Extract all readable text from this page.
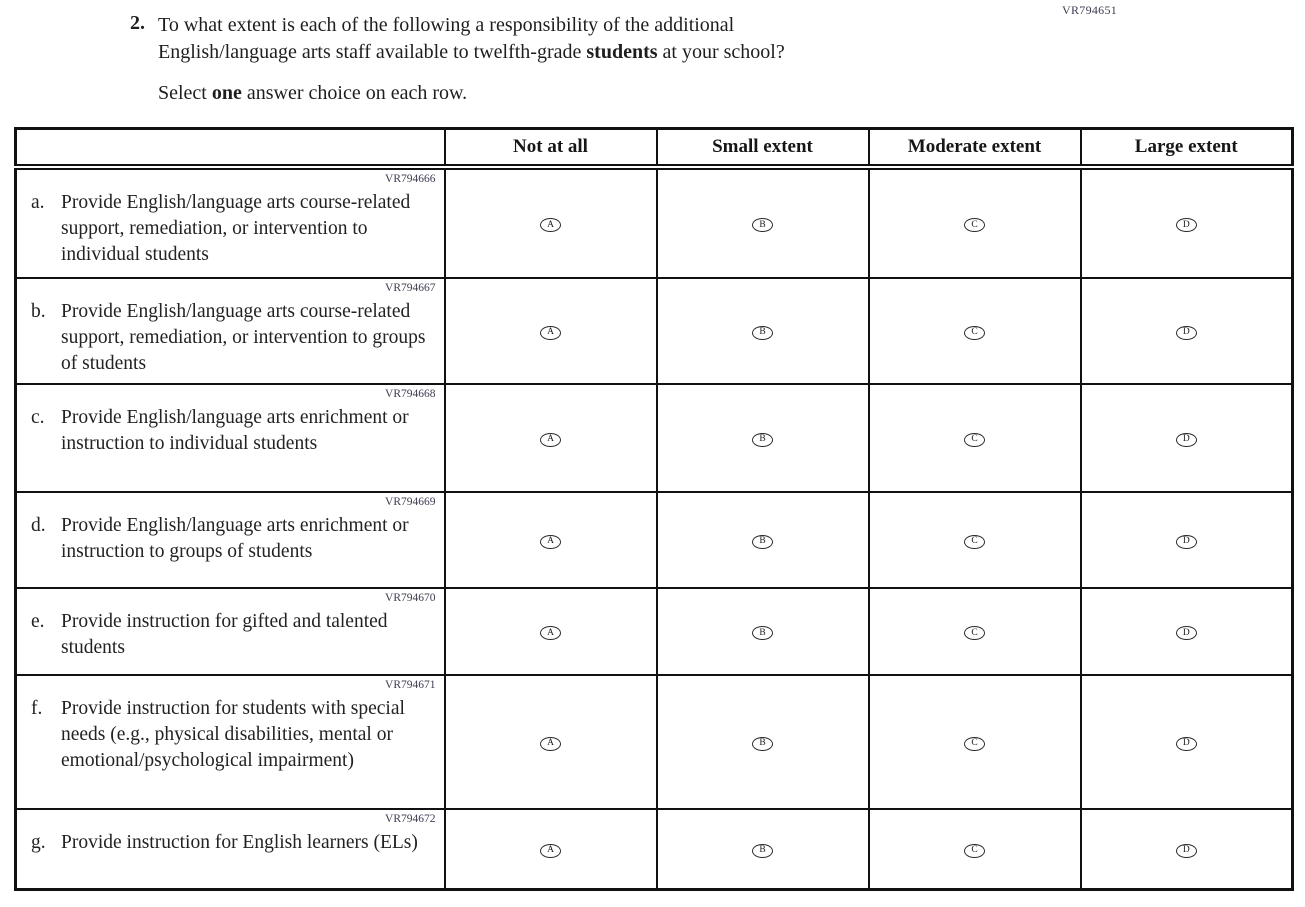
VR794651
2. To what extent is each of the following a responsibility of the additional English/language arts staff available to twelfth-grade students at your school?

Select one answer choice on each row.

	Not at all	Small extent	Moderate extent	Large extent

VR794666
a. Provide English/language arts course-related support, remediation, or intervention to individual students	A	B	C	D

VR794667
b. Provide English/language arts course-related support, remediation, or intervention to groups of students	A	B	C	D

VR794668
c. Provide English/language arts enrichment or instruction to individual students	A	B	C	D

VR794669
d. Provide English/language arts enrichment or instruction to groups of students	A	B	C	D

VR794670
e. Provide instruction for gifted and talented students	A	B	C	D

VR794671
f. Provide instruction for students with special needs (e.g., physical disabilities, mental or emotional/psychological impairment)	A	B	C	D

VR794672
g. Provide instruction for English learners (ELs)	A	B	C	D
